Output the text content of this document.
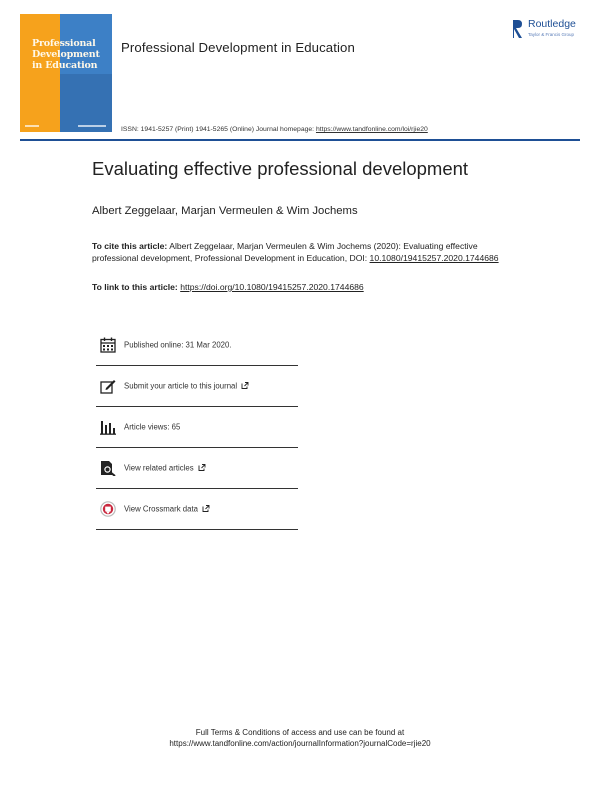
Professional
Development
in Education
Professional Development in Education
Routledge
Taylor & Francis Group
ISSN: 1941-5257 (Print) 1941-5265 (Online) Journal homepage: https://www.tandfonline.com/loi/rjie20
Evaluating effective professional development
Albert Zeggelaar, Marjan Vermeulen & Wim Jochems
To cite this article: Albert Zeggelaar, Marjan Vermeulen & Wim Jochems (2020): Evaluating effective professional development, Professional Development in Education, DOI: 10.1080/19415257.2020.1744686
To link to this article: https://doi.org/10.1080/19415257.2020.1744686
Published online: 31 Mar 2020.
Submit your article to this journal
Article views: 65
View related articles
View Crossmark data
Full Terms & Conditions of access and use can be found at
https://www.tandfonline.com/action/journalInformation?journalCode=rjie20
